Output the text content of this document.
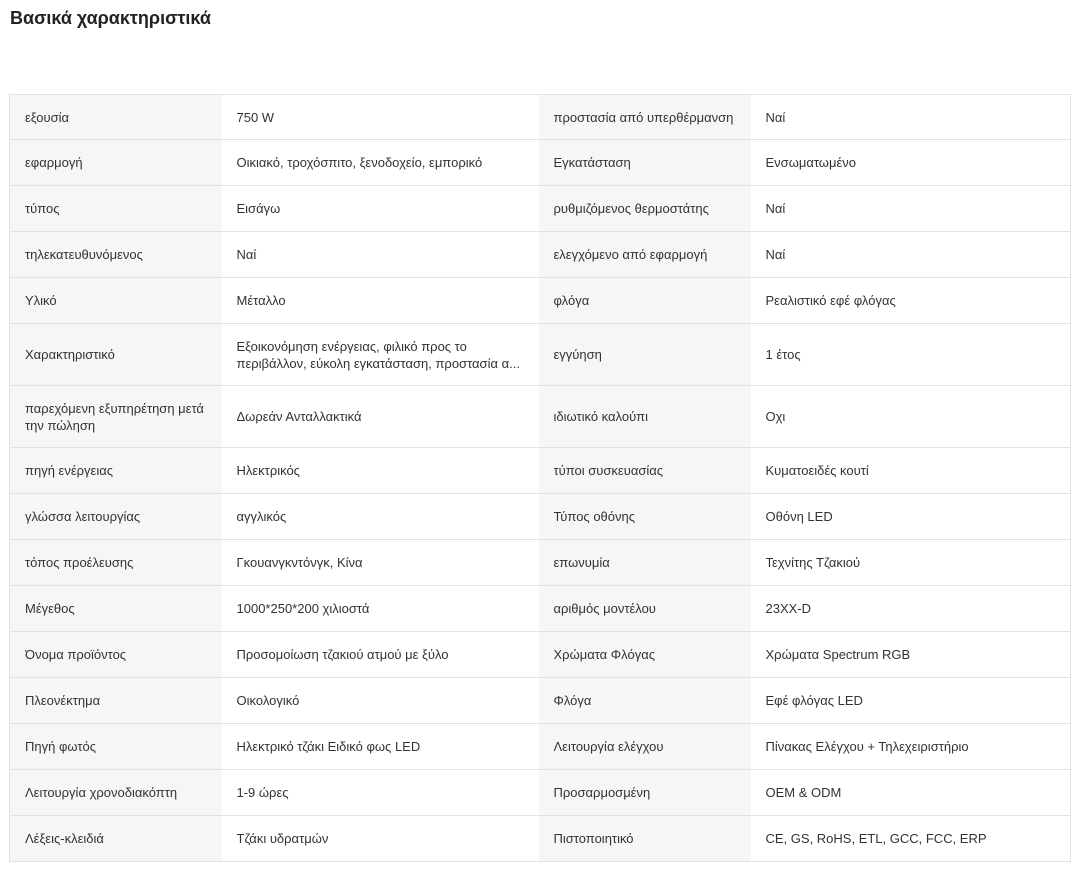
Βασικά χαρακτηριστικά
εξουσία	750 W	προστασία από υπερθέρμανση	Ναί

εφαρμογή	Οικιακό, τροχόσπιτο, ξενοδοχείο, εμπορικό	Εγκατάσταση	Ενσωματωμένο

τύπος	Εισάγω	ρυθμιζόμενος θερμοστάτης	Ναί

τηλεκατευθυνόμενος	Ναί	ελεγχόμενο από εφαρμογή	Ναί

Υλικό	Μέταλλο	φλόγα	Ρεαλιστικό εφέ φλόγας

Χαρακτηριστικό	Εξοικονόμηση ενέργειας, φιλικό προς το περιβάλλον, εύκολη εγκατάσταση, προστασία α...	εγγύηση	1 έτος

παρεχόμενη εξυπηρέτηση μετά την πώληση	Δωρεάν Ανταλλακτικά	ιδιωτικό καλούπι	Οχι

πηγή ενέργειας	Ηλεκτρικός	τύποι συσκευασίας	Κυματοειδές κουτί

γλώσσα λειτουργίας	αγγλικός	Τύπος οθόνης	Οθόνη LED

τόπος προέλευσης	Γκουανγκντόνγκ, Κίνα	επωνυμία	Τεχνίτης Τζακιού

Μέγεθος	1000*250*200 χιλιοστά	αριθμός μοντέλου	23XX-D

Όνομα προϊόντος	Προσομοίωση τζακιού ατμού με ξύλο	Χρώματα Φλόγας	Χρώματα Spectrum RGB

Πλεονέκτημα	Οικολογικό	Φλόγα	Εφέ φλόγας LED

Πηγή φωτός	Ηλεκτρικό τζάκι Ειδικό φως LED	Λειτουργία ελέγχου	Πίνακας Ελέγχου + Τηλεχειριστήριο

Λειτουργία χρονοδιακόπτη	1-9 ώρες	Προσαρμοσμένη	OEM & ODM

Λέξεις-κλειδιά	Τζάκι υδρατμών	Πιστοποιητικό	CE, GS, RoHS, ETL, GCC, FCC, ERP
